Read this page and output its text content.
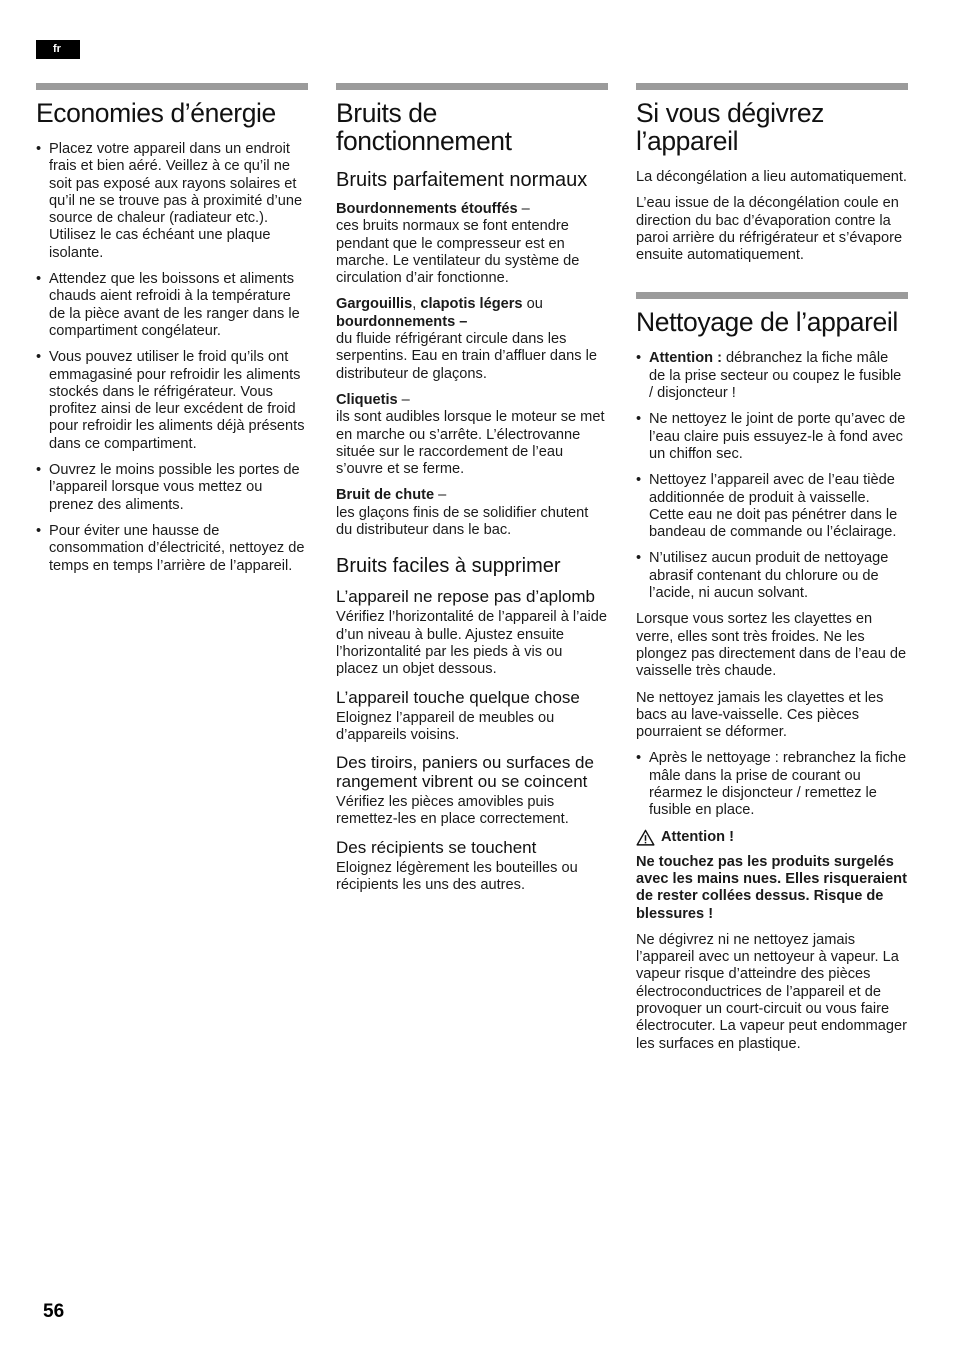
fr
Economies d’énergie
• Placez votre appareil dans un endroit frais et bien aéré. Veillez à ce qu’il ne soit pas exposé aux rayons solaires et qu’il ne se trouve pas à proximité d’une source de chaleur (radiateur etc.). Utilisez le cas échéant une plaque isolante.
• Attendez que les boissons et aliments chauds aient refroidi à la température de la pièce avant de les ranger dans le compartiment congélateur.
• Vous pouvez utiliser le froid qu’ils ont emmagasiné pour refroidir les aliments stockés dans le réfrigérateur. Vous profitez ainsi de leur excédent de froid pour refroidir les aliments déjà présents dans ce compartiment.
• Ouvrez le moins possible les portes de l’appareil lorsque vous mettez ou prenez des aliments.
• Pour éviter une hausse de consommation d’électricité, nettoyez de temps en temps l’arrière de l’appareil.
Bruits de fonctionnement
Bruits parfaitement normaux
Bourdonnements étouffés –
ces bruits normaux se font entendre pendant que le compresseur est en marche. Le ventilateur du système de circulation d’air fonctionne.
Gargouillis, clapotis légers ou
bourdonnements –
du fluide réfrigérant circule dans les serpentins. Eau en train d’affluer dans le distributeur de glaçons.
Cliquetis –
ils sont audibles lorsque le moteur se met en marche ou s’arrête. L’électrovanne située sur le raccordement de l’eau s’ouvre et se ferme.
Bruit de chute –
les glaçons finis de se solidifier chutent du distributeur dans le bac.
Bruits faciles à supprimer
L’appareil ne repose pas d’aplomb

Vérifiez l’horizontalité de l’appareil à l’aide d’un niveau à bulle. Ajustez ensuite l’horizontalité par les pieds à vis ou placez un objet dessous.

L’appareil touche quelque chose

Eloignez l’appareil de meubles ou d’appareils voisins.

Des tiroirs, paniers ou surfaces de rangement vibrent ou se coincent

Vérifiez les pièces amovibles puis remettez-les en place correctement.

Des récipients se touchent

Eloignez légèrement les bouteilles ou récipients les uns des autres.

Si vous dégivrez l’appareil

La décongélation a lieu automatiquement.

L’eau issue de la décongélation coule en direction du bac d’évaporation contre la paroi arrière du réfrigérateur et s’évapore ensuite automatiquement.

Nettoyage de l’appareil
• Attention : débranchez la fiche mâle de la prise secteur ou coupez le fusible / disjoncteur !
• Ne nettoyez le joint de porte qu’avec de l’eau claire puis essuyez-le à fond avec un chiffon sec.
• Nettoyez l’appareil avec de l’eau tiède additionnée de produit à vaisselle. Cette eau ne doit pas pénétrer dans le bandeau de commande ou l’éclairage.
• N’utilisez aucun produit de nettoyage abrasif contenant du chlorure ou de l’acide, ni aucun solvant.

Lorsque vous sortez les clayettes en verre, elles sont très froides. Ne les plongez pas directement dans de l’eau de vaisselle très chaude.

Ne nettoyez jamais les clayettes et les bacs au lave-vaisselle. Ces pièces pourraient se déformer.

• Après le nettoyage : rebranchez la fiche mâle dans la prise de courant ou réarmez le disjoncteur / remettez le fusible en place.
Attention !

Ne touchez pas les produits surgelés avec les mains nues. Elles risqueraient de rester collées dessus. Risque de blessures !

Ne dégivrez ni ne nettoyez jamais l’appareil avec un nettoyeur à vapeur. La vapeur risque d’atteindre des pièces électroconductrices de l’appareil et de provoquer un court-circuit ou vous faire électrocuter. La vapeur peut endommager les surfaces en plastique.

56
